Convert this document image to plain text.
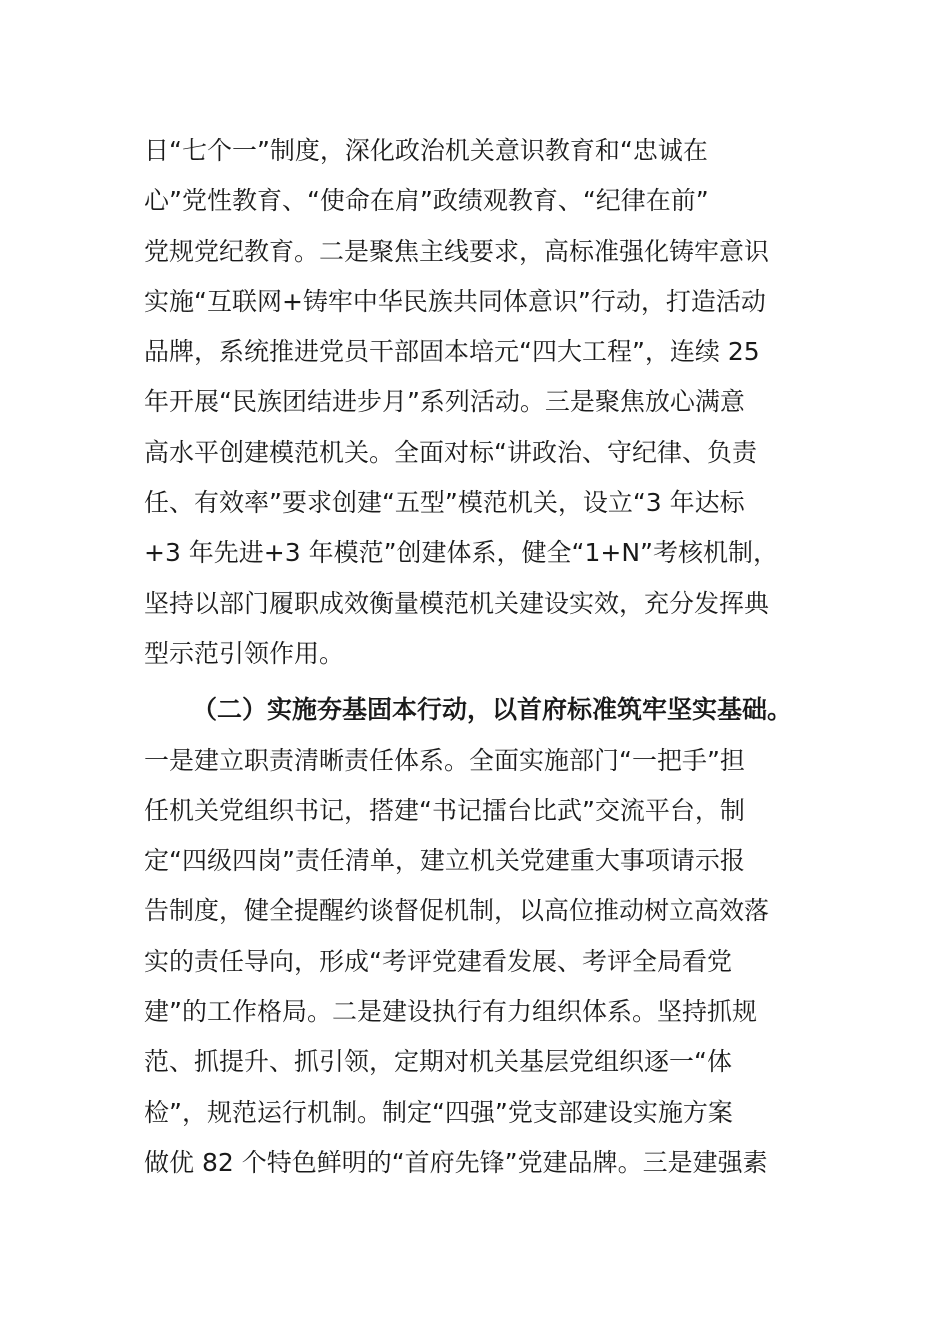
日“七个一”制度，深化政治机关意识教育和“忠诚在
心”党性教育、“使命在肩”政绩观教育、“纪律在前”
党规党纪教育。二是聚焦主线要求，高标准强化铸牢意识
实施“互联网+铸牢中华民族共同体意识”行动，打造活动
品牌，系统推进党员干部固本培元“四大工程”，连续 25
年开展“民族团结进步月”系列活动。三是聚焦放心满意
高水平创建模范机关。全面对标“讲政治、守纪律、负责
任、有效率”要求创建“五型”模范机关，设立“3 年达标
+3 年先进+3 年模范”创建体系，健全“1+N”考核机制，
坚持以部门履职成效衡量模范机关建设实效，充分发挥典
型示范引领作用。
（二）实施夯基固本行动，以首府标准筑牢坚实基础。
一是建立职责清晰责任体系。全面实施部门“一把手”担
任机关党组织书记，搭建“书记擂台比武”交流平台，制
定“四级四岗”责任清单，建立机关党建重大事项请示报
告制度，健全提醒约谈督促机制，以高位推动树立高效落
实的责任导向，形成“考评党建看发展、考评全局看党
建”的工作格局。二是建设执行有力组织体系。坚持抓规
范、抓提升、抓引领，定期对机关基层党组织逐一“体
检”，规范运行机制。制定“四强”党支部建设实施方案
做优 82 个特色鲜明的“首府先锋”党建品牌。三是建强素
